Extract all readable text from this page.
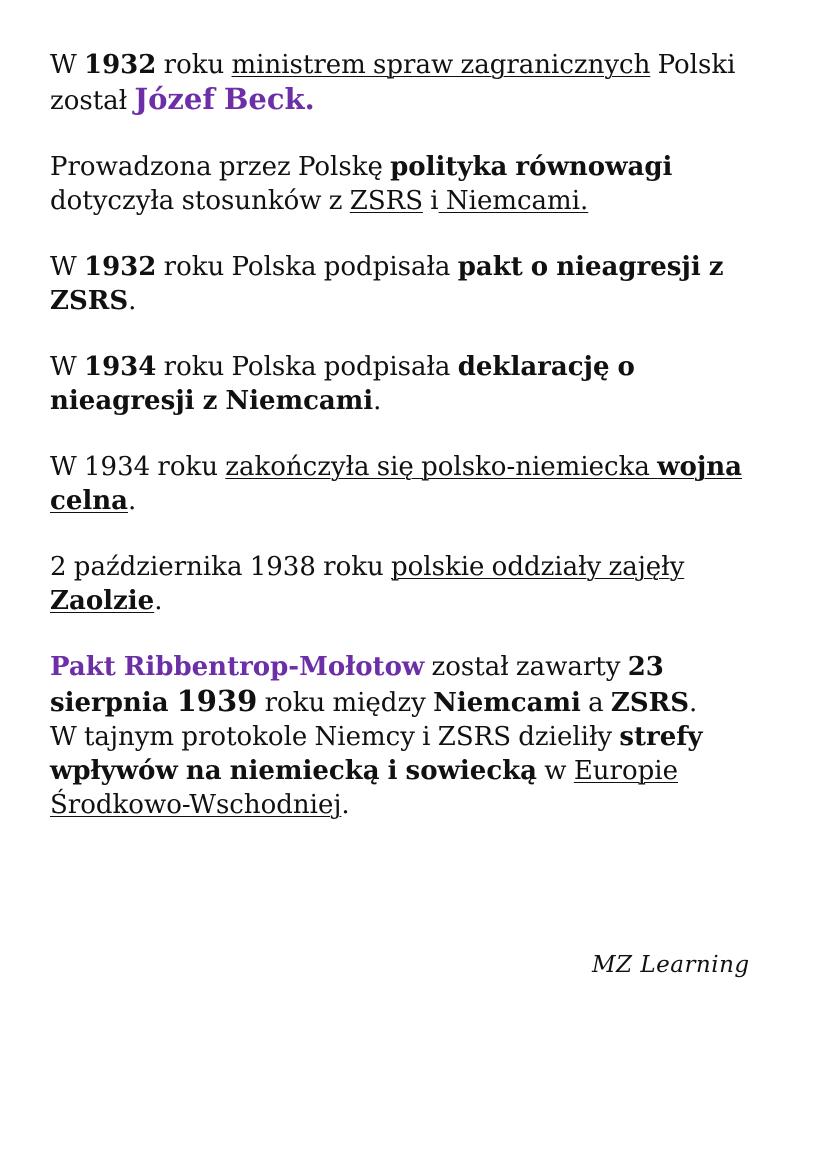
W 1932 roku ministrem spraw zagranicznych Polski
został Józef Beck.

Prowadzona przez Polskę polityka równowagi
dotyczyła stosunków z ZSRS i Niemcami.

W 1932 roku Polska podpisała pakt o nieagresji z
ZSRS.

W 1934 roku Polska podpisała deklarację o
nieagresji z Niemcami.

W 1934 roku zakończyła się polsko-niemiecka wojna
celna.

2 października 1938 roku polskie oddziały zajęły
Zaolzie.

Pakt Ribbentrop-Mołotow został zawarty 23
sierpnia 1939 roku między Niemcami a ZSRS.
W tajnym protokole Niemcy i ZSRS dzieliły strefy
wpływów na niemiecką i sowiecką w Europie
Środkowo-Wschodniej.

MZ Learning
